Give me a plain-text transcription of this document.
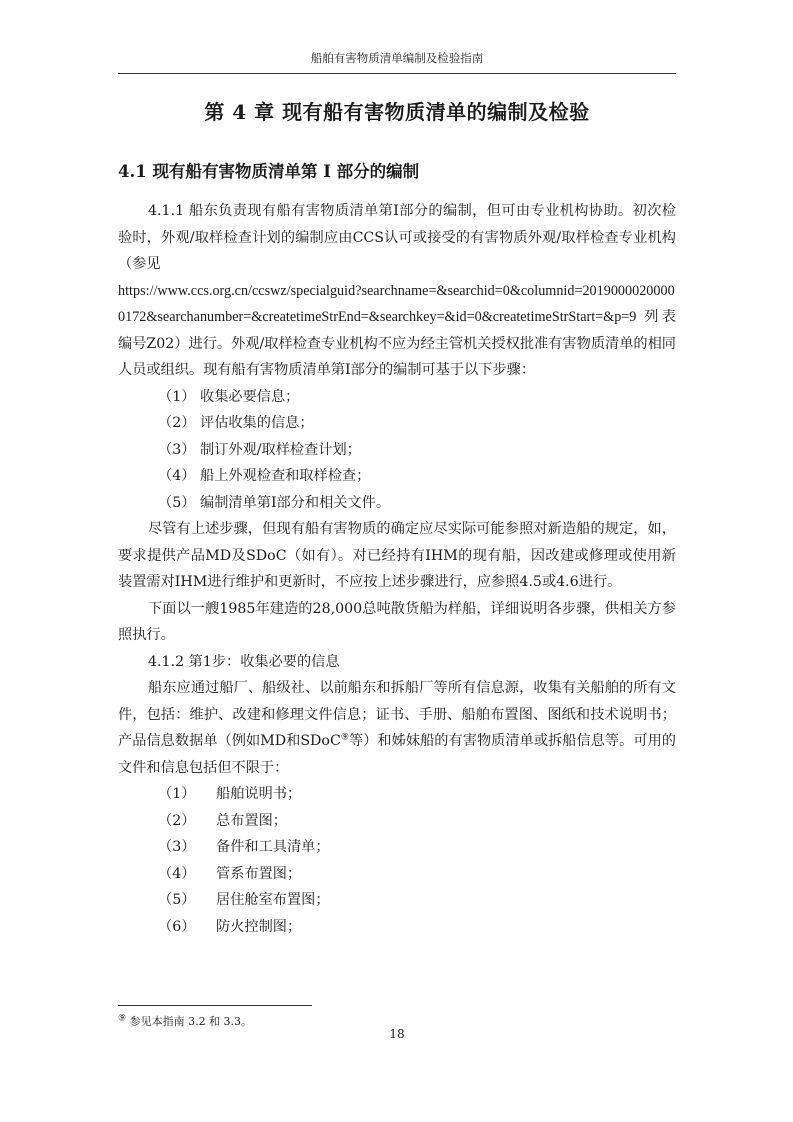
船舶有害物质清单编制及检验指南
第 4 章 现有船有害物质清单的编制及检验
4.1 现有船有害物质清单第 I 部分的编制

4.1.1 船东负责现有船有害物质清单第I部分的编制，但可由专业机构协助。初次检验时，外观/取样检查计划的编制应由CCS认可或接受的有害物质外观/取样检查专业机构（参见
https://www.ccs.org.cn/ccswz/specialguid?searchname=&searchid=0&columnid=20190000200000172&searchanumber=&createtimeStrEnd=&searchkey=&id=0&createtimeStrStart=&p=9 列表编号Z02）进行。外观/取样检查专业机构不应为经主管机关授权批准有害物质清单的相同人员或组织。现有船有害物质清单第I部分的编制可基于以下步骤：

（1） 收集必要信息；
（2） 评估收集的信息；
（3） 制订外观/取样检查计划；
（4） 船上外观检查和取样检查；
（5） 编制清单第I部分和相关文件。

尽管有上述步骤，但现有船有害物质的确定应尽实际可能参照对新造船的规定，如，要求提供产品MD及SDoC（如有）。对已经持有IHM的现有船，因改建或修理或使用新装置需对IHM进行维护和更新时，不应按上述步骤进行，应参照4.5或4.6进行。

下面以一艘1985年建造的28,000总吨散货船为样船，详细说明各步骤，供相关方参照执行。

4.1.2 第1步：收集必要的信息

船东应通过船厂、船级社、以前船东和拆船厂等所有信息源，收集有关船舶的所有文件，包括：维护、改建和修理文件信息；证书、手册、船舶布置图、图纸和技术说明书；产品信息数据单（例如MD和SDoC⑨等）和姊妹船的有害物质清单或拆船信息等。可用的文件和信息包括但不限于：

（1） 船舶说明书；
（2） 总布置图；
（3） 备件和工具清单；
（4） 管系布置图；
（5） 居住舱室布置图；
（6） 防火控制图；
⑨ 参见本指南 3.2 和 3.3。
18
